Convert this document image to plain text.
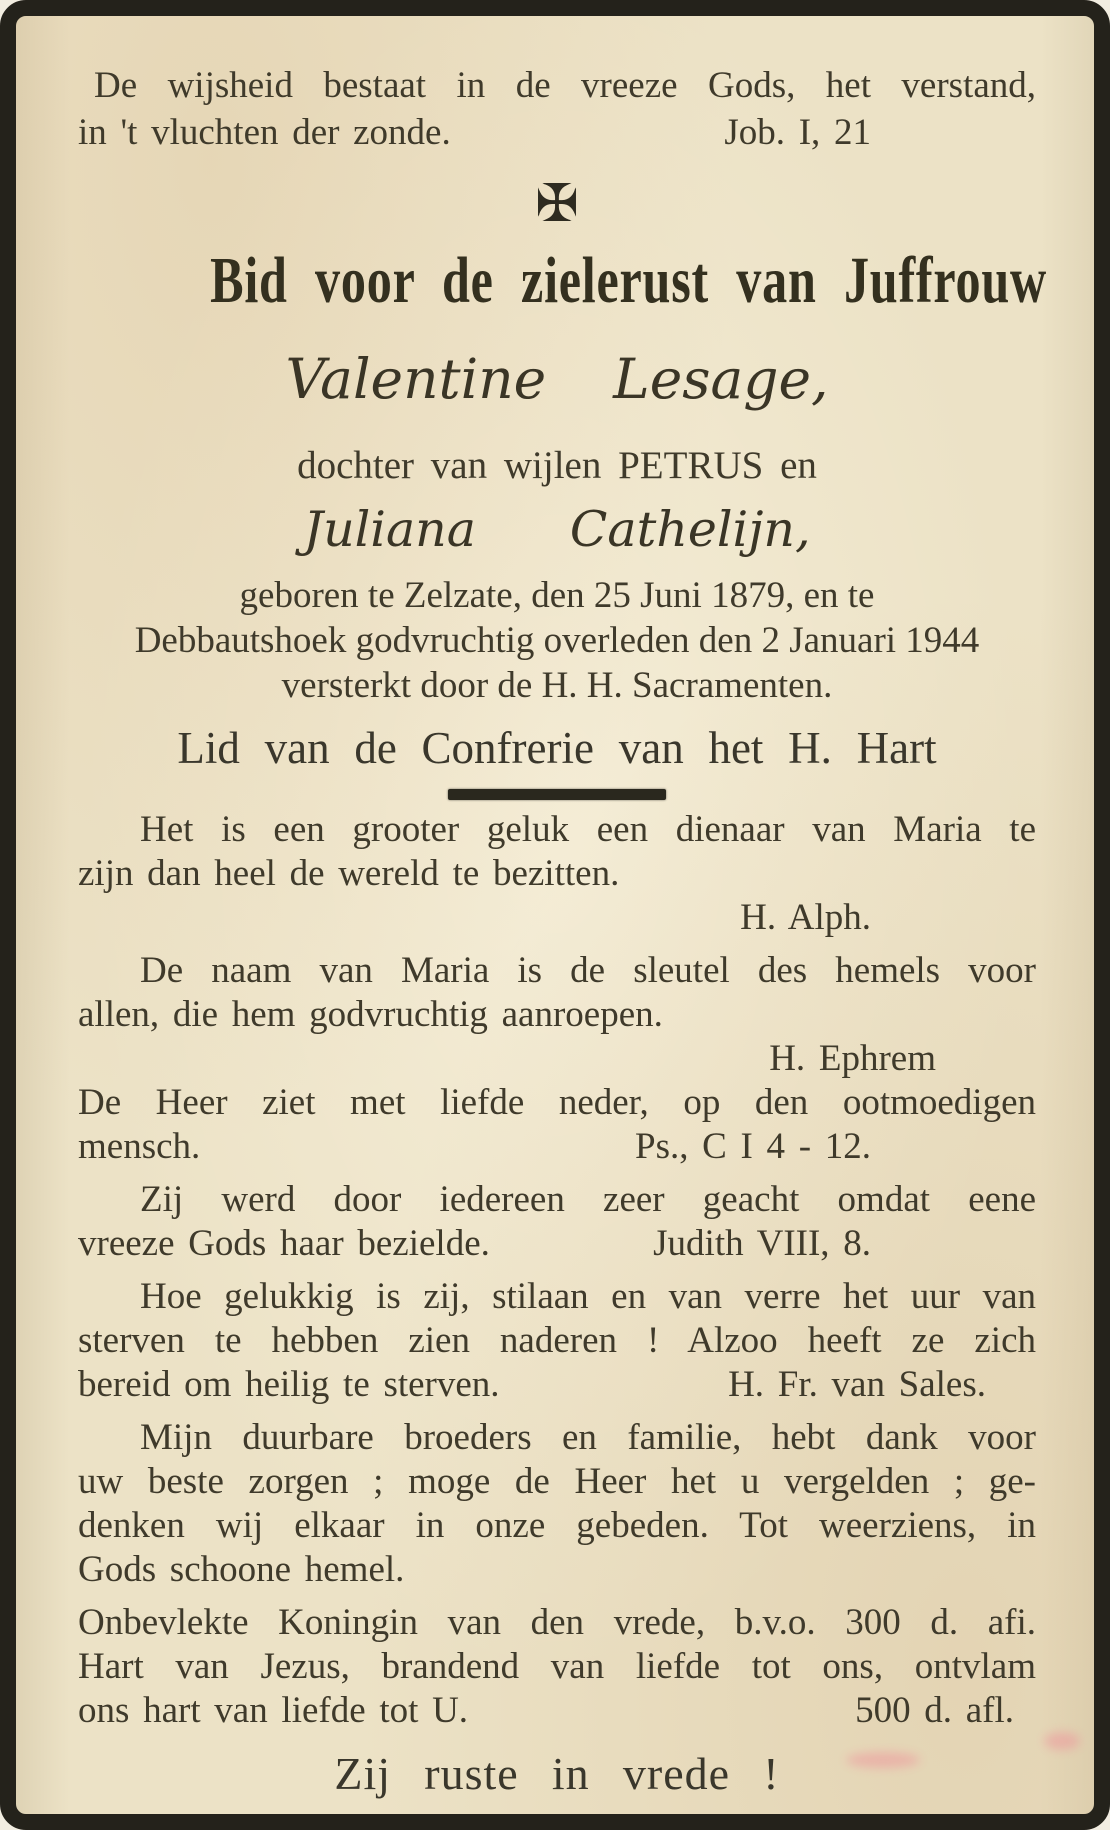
De wijsheid bestaat in de vreeze Gods, het verstand,
in 't vluchten der zonde.	Job. I, 21
✠
Bid voor de zielerust van Juffrouw
Valentine Lesage,
dochter van wijlen PETRUS en
Juliana Cathelijn,
geboren te Zelzate, den 25 Juni 1879, en te
Debbautshoek godvruchtig overleden den 2 Januari 1944
versterkt door de H. H. Sacramenten.
Lid van de Confrerie van het H. Hart
Het is een grooter geluk een dienaar van Maria te
zijn dan heel de wereld te bezitten.
H. Alph.
De naam van Maria is de sleutel des hemels voor
allen, die hem godvruchtig aanroepen.
H. Ephrem
De Heer ziet met liefde neder, op den ootmoedigen
mensch.	Ps., C I 4 - 12.
Zij werd door iedereen zeer geacht omdat eene
vreeze Gods haar bezielde.	Judith VIII, 8.
Hoe gelukkig is zij, stilaan en van verre het uur van
sterven te hebben zien naderen ! Alzoo heeft ze zich
bereid om heilig te sterven.	H. Fr. van Sales.
Mijn duurbare broeders en familie, hebt dank voor
uw beste zorgen ; moge de Heer het u vergelden ; ge-
denken wij elkaar in onze gebeden. Tot weerziens, in
Gods schoone hemel.
Onbevlekte Koningin van den vrede, b.v.o. 300 d. afi.
Hart van Jezus, brandend van liefde tot ons, ontvlam
ons hart van liefde tot U.	500 d. afl.
Zij ruste in vrede !
